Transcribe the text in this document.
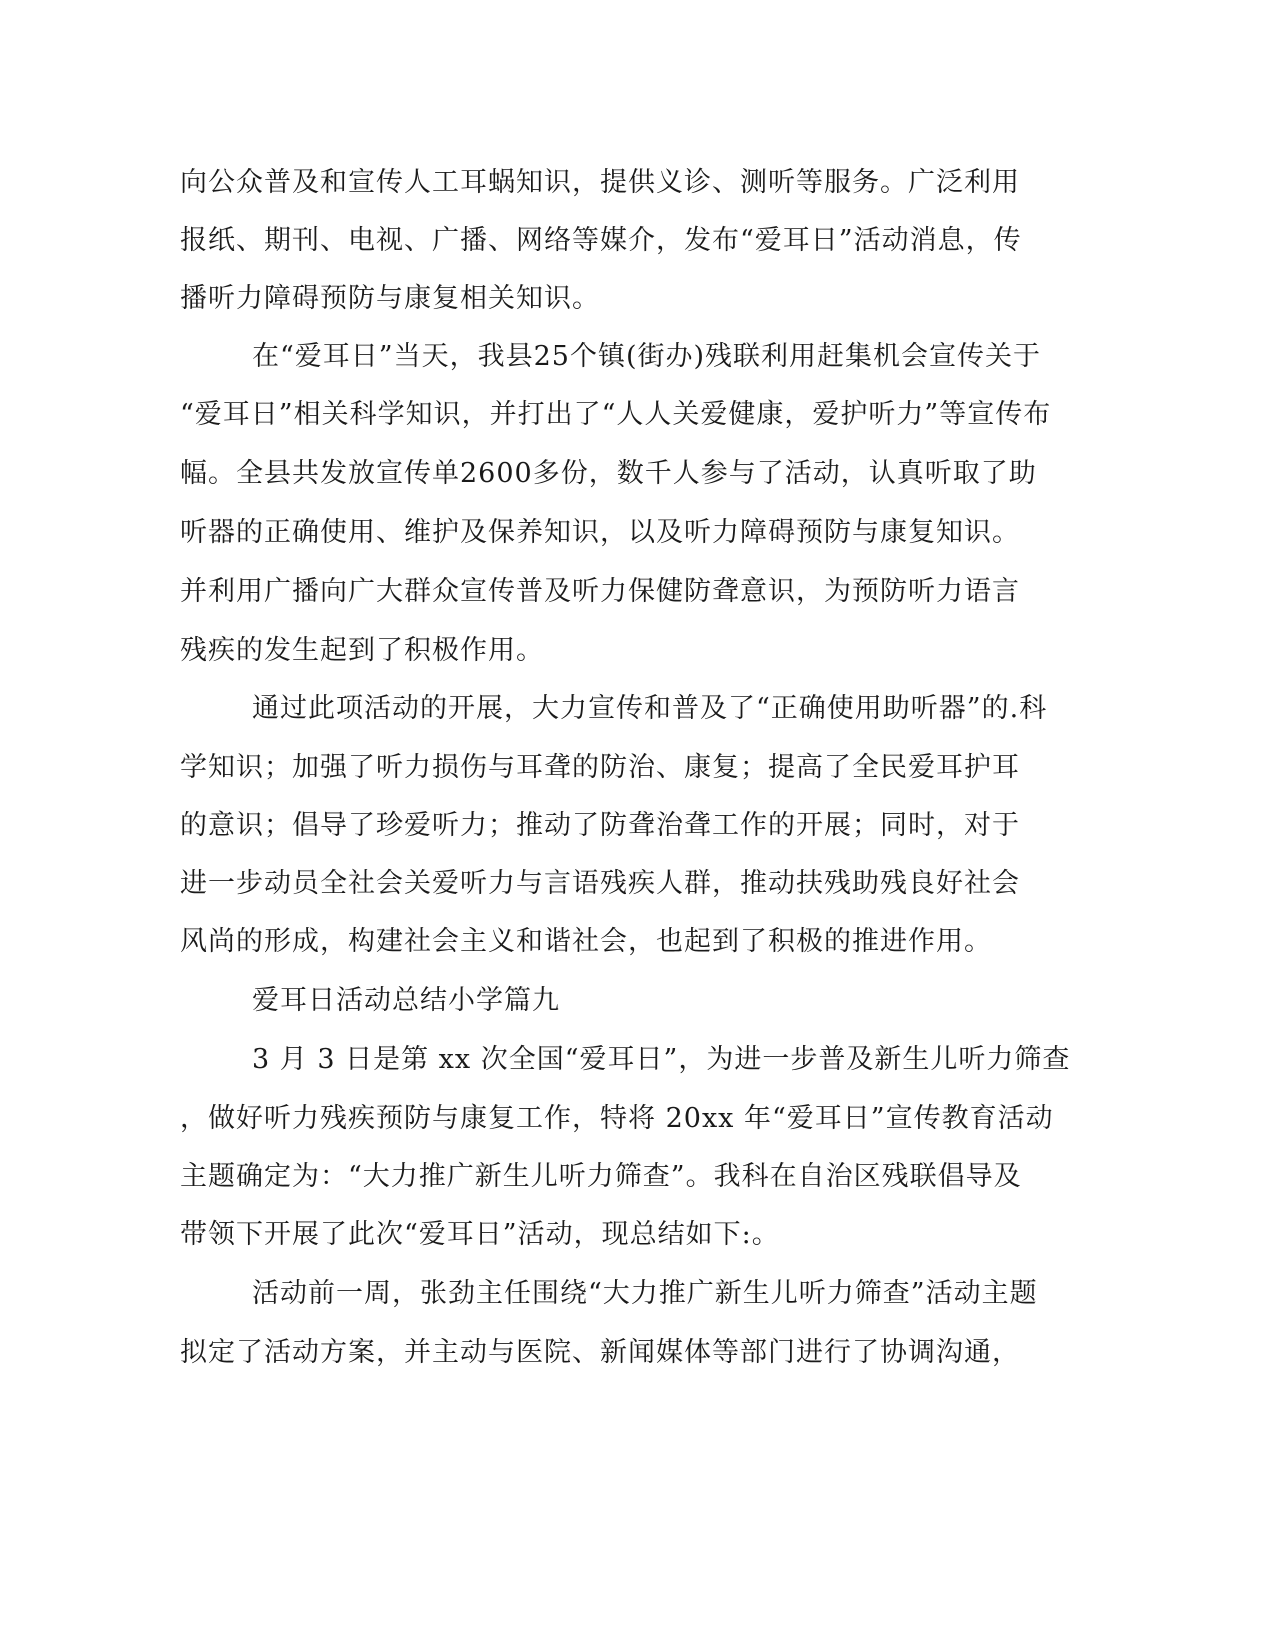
向公众普及和宣传人工耳蜗知识，提供义诊、测听等服务。广泛利用
报纸、期刊、电视、广播、网络等媒介，发布“爱耳日”活动消息，传
播听力障碍预防与康复相关知识。
在“爱耳日”当天，我县25个镇(街办)残联利用赶集机会宣传关于
“爱耳日”相关科学知识，并打出了“人人关爱健康，爱护听力”等宣传布
幅。全县共发放宣传单2600多份，数千人参与了活动，认真听取了助
听器的正确使用、维护及保养知识，以及听力障碍预防与康复知识。
并利用广播向广大群众宣传普及听力保健防聋意识，为预防听力语言
残疾的发生起到了积极作用。
通过此项活动的开展，大力宣传和普及了“正确使用助听器”的.科
学知识；加强了听力损伤与耳聋的防治、康复；提高了全民爱耳护耳
的意识；倡导了珍爱听力；推动了防聋治聋工作的开展；同时，对于
进一步动员全社会关爱听力与言语残疾人群，推动扶残助残良好社会
风尚的形成，构建社会主义和谐社会，也起到了积极的推进作用。
爱耳日活动总结小学篇九
3 月 3 日是第 xx 次全国“爱耳日”，为进一步普及新生儿听力筛查
，做好听力残疾预防与康复工作，特将 20xx 年“爱耳日”宣传教育活动
主题确定为：“大力推广新生儿听力筛查”。我科在自治区残联倡导及
带领下开展了此次“爱耳日”活动，现总结如下:。
活动前一周，张劲主任围绕“大力推广新生儿听力筛查”活动主题
拟定了活动方案，并主动与医院、新闻媒体等部门进行了协调沟通，
